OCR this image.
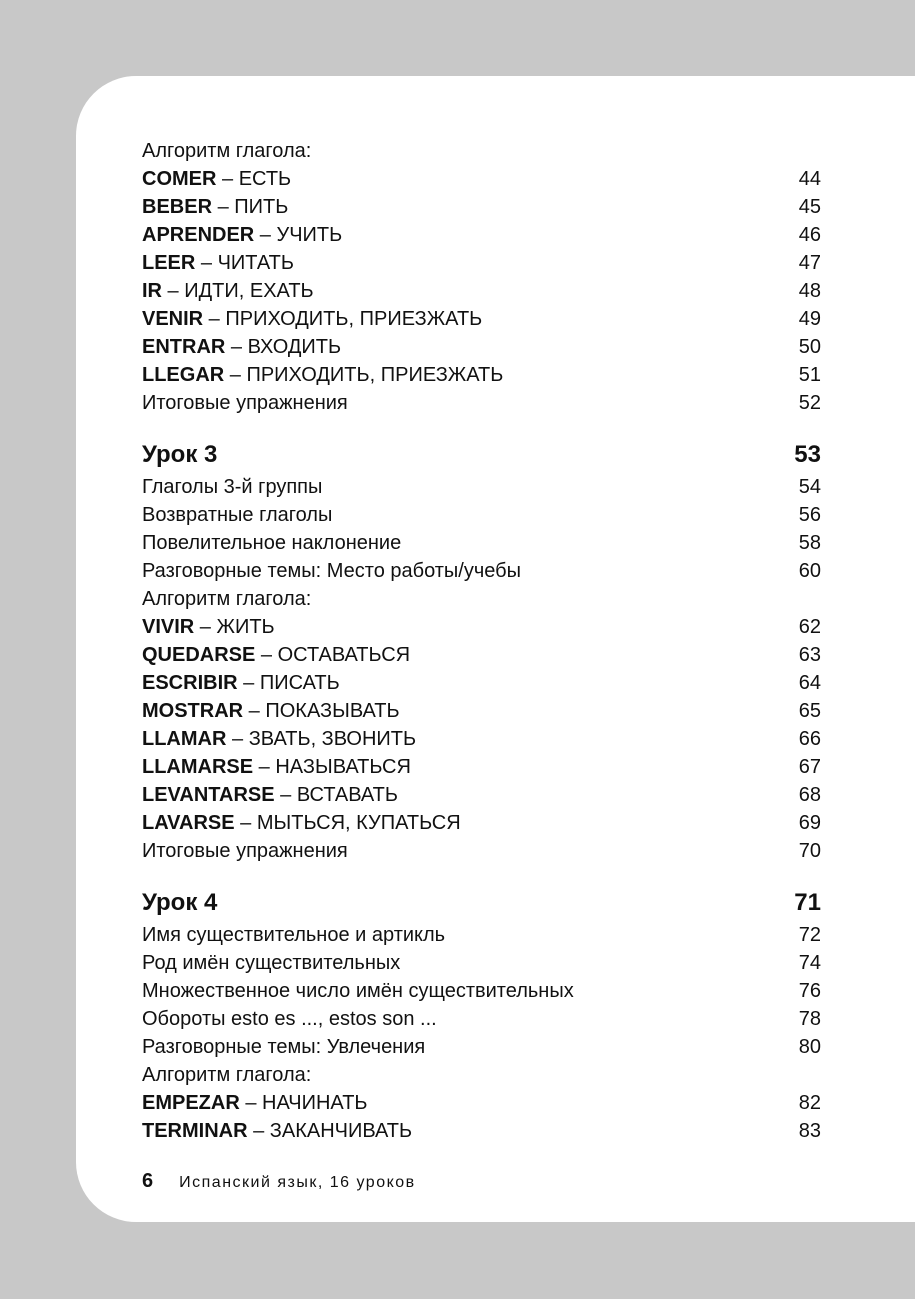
Алгоритм глагола:
COMER – ЕСТЬ	44
BEBER – ПИТЬ	45
APRENDER – УЧИТЬ	46
LEER – ЧИТАТЬ	47
IR – ИДТИ, ЕХАТЬ	48
VENIR – ПРИХОДИТЬ, ПРИЕЗЖАТЬ	49
ENTRAR – ВХОДИТЬ	50
LLEGAR – ПРИХОДИТЬ, ПРИЕЗЖАТЬ	51
Итоговые упражнения	52
Урок 3	53
Глаголы 3-й группы	54
Возвратные глаголы	56
Повелительное наклонение	58
Разговорные темы: Место работы/учебы	60
Алгоритм глагола:
VIVIR – ЖИТЬ	62
QUEDARSE – ОСТАВАТЬСЯ	63
ESCRIBIR – ПИСАТЬ	64
MOSTRAR – ПОКАЗЫВАТЬ	65
LLAMAR – ЗВАТЬ, ЗВОНИТЬ	66
LLAMARSE – НАЗЫВАТЬСЯ	67
LEVANTARSE – ВСТАВАТЬ	68
LAVARSE – МЫТЬСЯ, КУПАТЬСЯ	69
Итоговые упражнения	70
Урок 4	71
Имя существительное и артикль	72
Род имён существительных	74
Множественное число имён существительных	76
Обороты esto es ..., estos son ...	78
Разговорные темы: Увлечения	80
Алгоритм глагола:
EMPEZAR – НАЧИНАТЬ	82
TERMINAR – ЗАКАНЧИВАТЬ	83
6 Испанский язык, 16 уроков
